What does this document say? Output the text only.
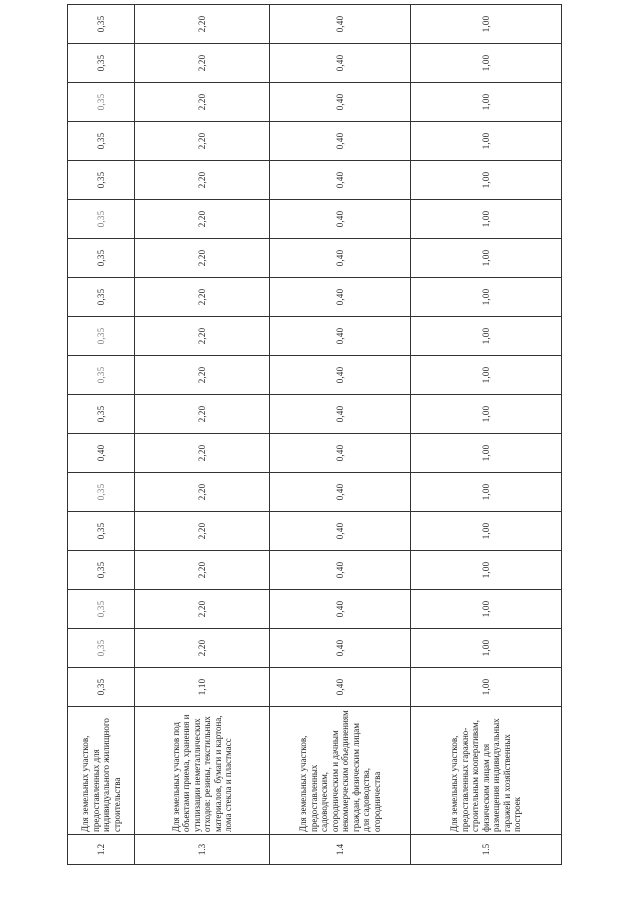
1.2	Для земельных участков, предоставленных для индивидуального жилищного строительства	0,35	0,35	0,35	0,35	0,35	0,35	0,40	0,35	0,35	0,35	0,35	0,35	0,35	0,35	0,35	0,35	0,35	0,35
1.3	Для земельных участков под объектами приема, хранения и утилизации неметаллических отходов: резины, текстильных материалов, бумаги и картона, лома стекла и пластмасс	1,10	2,20	2,20	2,20	2,20	2,20	2,20	2,20	2,20	2,20	2,20	2,20	2,20	2,20	2,20	2,20	2,20	2,20
1.4	Для земельных участков, предоставленных садоводческим, огородническим и дачным некоммерческим объединениям граждан, физическим лицам для садоводства, огородничества	0,40	0,40	0,40	0,40	0,40	0,40	0,40	0,40	0,40	0,40	0,40	0,40	0,40	0,40	0,40	0,40	0,40	0,40
1.5	Для земельных участков, предоставленных гаражно-строительным кооперативам, физическим лицам для размещения индивидуальных гаражей и хозяйственных построек	1,00	1,00	1,00	1,00	1,00	1,00	1,00	1,00	1,00	1,00	1,00	1,00	1,00	1,00	1,00	1,00	1,00	1,00
